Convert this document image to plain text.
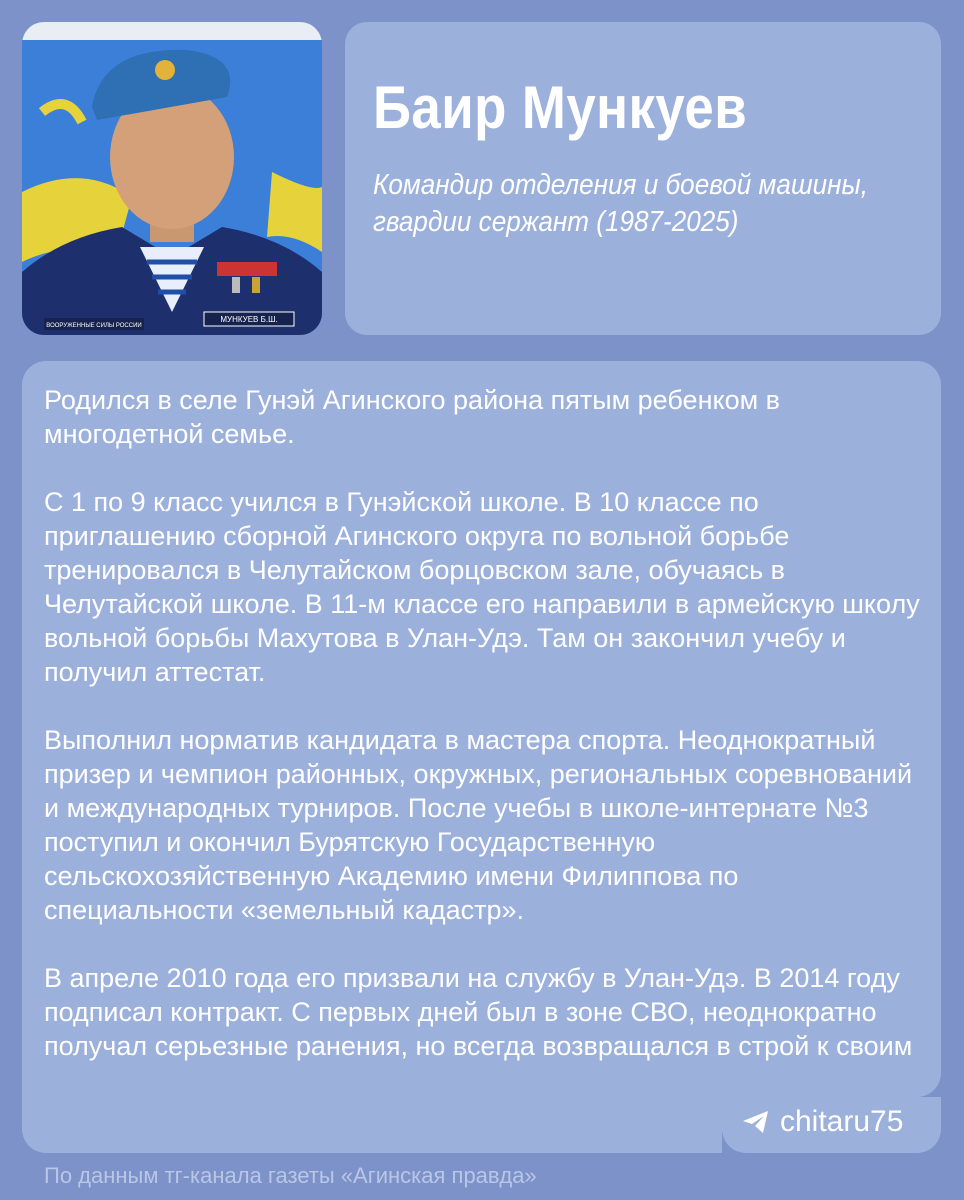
ВООРУЖЕННЫЕ СИЛЫ РОССИИ
МУНКУЕВ Б.Ш.
Баир Мункуев

Командир отделения и боевой машины, гвардии сержант (1987-2025)

Родился в селе Гунэй Агинского района пятым ребенком в многодетной семье.

С 1 по 9 класс учился в Гунэйской школе. В 10 классе по приглашению сборной Агинского округа по вольной борьбе тренировался в Челутайском борцовском зале, обучаясь в Челутайской школе. В 11-м классе его направили в армейскую школу вольной борьбы Махутова в Улан-Удэ. Там он закончил учебу и получил аттестат.

Выполнил норматив кандидата в мастера спорта. Неоднократный призер и чемпион районных, окружных, региональных соревнований и международных турниров. После учебы в школе-интернате №3 поступил и окончил Бурятскую Государственную сельскохозяйственную Академию имени Филиппова по специальности «земельный кадастр».

В апреле 2010 года его призвали на службу в Улан-Удэ. В 2014 году подписал контракт. С первых дней был в зоне СВО, неоднократно получал серьезные ранения, но всегда возвращался в строй к своим

chitaru75
По данным тг-канала газеты «Агинская правда»
